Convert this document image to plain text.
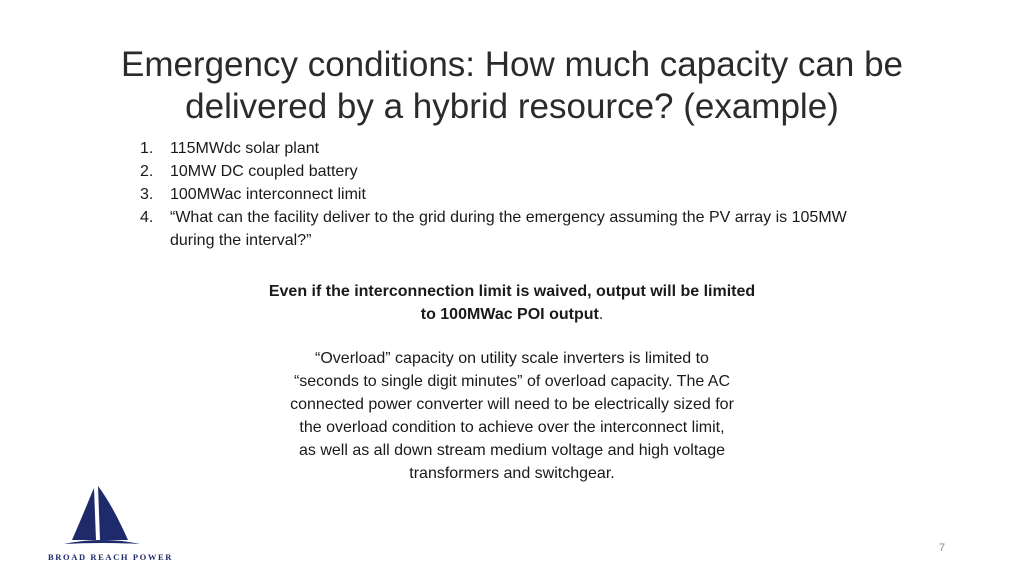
Emergency conditions: How much capacity can be
delivered by a hybrid resource? (example)
1. 115MWdc solar plant
2. 10MW DC coupled battery
3. 100MWac interconnect limit
4. “What can the facility deliver to the grid during the emergency assuming the PV array is 105MW during the interval?”
Even if the interconnection limit is waived, output will be limited to 100MWac POI output.
“Overload” capacity on utility scale inverters is limited to
“seconds to single digit minutes” of overload capacity. The AC
connected power converter will need to be electrically sized for
the overload condition to achieve over the interconnect limit,
as well as all down stream medium voltage and high voltage
transformers and switchgear.
BROAD REACH POWER
7
